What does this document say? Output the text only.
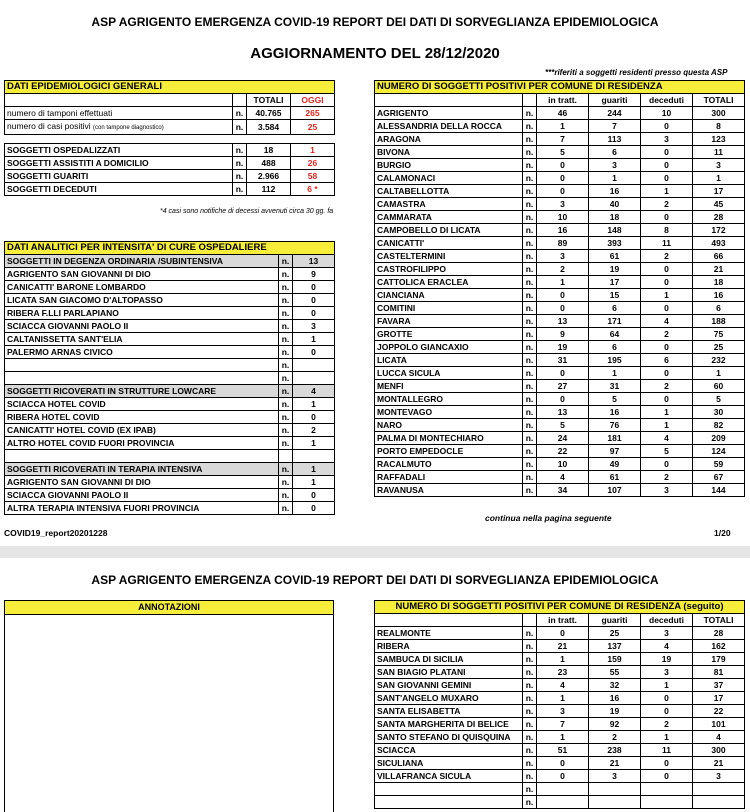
ASP AGRIGENTO EMERGENZA COVID-19 REPORT DEI DATI DI SORVEGLIANZA EPIDEMIOLOGICA
AGGIORNAMENTO DEL 28/12/2020
***riferiti a soggetti residenti presso questa ASP
DATI EPIDEMIOLOGICI GENERALI			
		TOTALI	OGGI
numero di tamponi effettuati	n.	40.765	265
numero di casi positivi (con tampone diagnostico)	n.	3.584	25

SOGGETTI OSPEDALIZZATI	n.	18	1
SOGGETTI ASSISTITI A DOMICILIO	n.	488	26
SOGGETTI GUARITI	n.	2.966	58
SOGGETTI DECEDUTI	n.	112	6 *
*4 casi sono notifiche di decessi avvenuti circa 30 gg. fa
DATI ANALITICI PER INTENSITA' DI CURE OSPEDALIERE		
SOGGETTI IN DEGENZA ORDINARIA /SUBINTENSIVA	n.	13
AGRIGENTO SAN GIOVANNI DI DIO	n.	9
CANICATTI' BARONE LOMBARDO	n.	0
LICATA SAN GIACOMO D'ALTOPASSO	n.	0
RIBERA F.LLI PARLAPIANO	n.	0
SCIACCA GIOVANNI PAOLO II	n.	3
CALTANISSETTA SANT'ELIA	n.	1
PALERMO ARNAS CIVICO	n.	0
	n.	
	n.	
SOGGETTI RICOVERATI IN STRUTTURE LOWCARE	n.	4
SCIACCA HOTEL COVID	n.	1
RIBERA HOTEL COVID	n.	0
CANICATTI' HOTEL COVID (EX IPAB)	n.	2
ALTRO HOTEL COVID FUORI PROVINCIA	n.	1

SOGGETTI RICOVERATI IN TERAPIA INTENSIVA	n.	1
AGRIGENTO SAN GIOVANNI DI DIO	n.	1
SCIACCA GIOVANNI PAOLO II	n.	0
ALTRA TERAPIA INTENSIVA FUORI PROVINCIA	n.	0
NUMERO DI SOGGETTI POSITIVI PER COMUNE DI RESIDENZA					
		in tratt.	guariti	deceduti	TOTALI
AGRIGENTO	n.	46	244	10	300
ALESSANDRIA DELLA ROCCA	n.	1	7	0	8
ARAGONA	n.	7	113	3	123
BIVONA	n.	5	6	0	11
BURGIO	n.	0	3	0	3
CALAMONACI	n.	0	1	0	1
CALTABELLOTTA	n.	0	16	1	17
CAMASTRA	n.	3	40	2	45
CAMMARATA	n.	10	18	0	28
CAMPOBELLO DI LICATA	n.	16	148	8	172
CANICATTI'	n.	89	393	11	493
CASTELTERMINI	n.	3	61	2	66
CASTROFILIPPO	n.	2	19	0	21
CATTOLICA ERACLEA	n.	1	17	0	18
CIANCIANA	n.	0	15	1	16
COMITINI	n.	0	6	0	6
FAVARA	n.	13	171	4	188
GROTTE	n.	9	64	2	75
JOPPOLO GIANCAXIO	n.	19	6	0	25
LICATA	n.	31	195	6	232
LUCCA SICULA	n.	0	1	0	1
MENFI	n.	27	31	2	60
MONTALLEGRO	n.	0	5	0	5
MONTEVAGO	n.	13	16	1	30
NARO	n.	5	76	1	82
PALMA DI MONTECHIARO	n.	24	181	4	209
PORTO EMPEDOCLE	n.	22	97	5	124
RACALMUTO	n.	10	49	0	59
RAFFADALI	n.	4	61	2	67
RAVANUSA	n.	34	107	3	144
continua nella pagina seguente
COVID19_report20201228	1/20
ASP AGRIGENTO EMERGENZA COVID-19 REPORT DEI DATI DI SORVEGLIANZA EPIDEMIOLOGICA
ANNOTAZIONI	NUMERO DI SOGGETTI POSITIVI PER COMUNE DI RESIDENZA (seguito)					
		in tratt.	guariti	deceduti	TOTALI
REALMONTE	n.	0	25	3	28
RIBERA	n.	21	137	4	162
SAMBUCA DI SICILIA	n.	1	159	19	179
SAN BIAGIO PLATANI	n.	23	55	3	81
SAN GIOVANNI GEMINI	n.	4	32	1	37
SANT'ANGELO MUXARO	n.	1	16	0	17
SANTA ELISABETTA	n.	3	19	0	22
SANTA MARGHERITA DI BELICE	n.	7	92	2	101
SANTO STEFANO DI QUISQUINA	n.	1	2	1	4
SCIACCA	n.	51	238	11	300
SICULIANA	n.	0	21	0	21
VILLAFRANCA SICULA	n.	0	3	0	3
	n.				
	n.				
